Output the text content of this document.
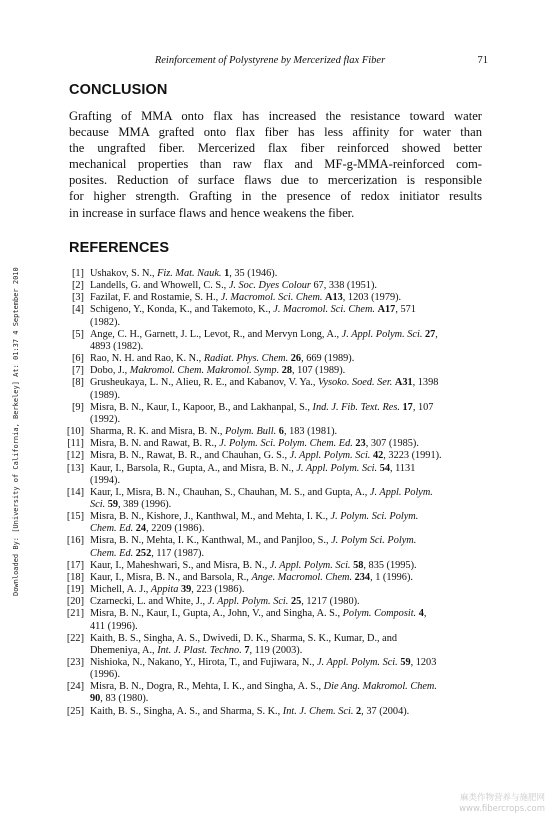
Reinforcement of Polystyrene by Mercerized flax Fiber	71
CONCLUSION
Grafting of MMA onto flax has increased the resistance toward water
because MMA grafted onto flax fiber has less affinity for water than
the ungrafted fiber. Mercerized flax fiber reinforced showed better
mechanical properties than raw flax and MF-g-MMA-reinforced com-
posites. Reduction of surface flaws due to mercerization is responsible
for higher strength. Grafting in the presence of redox initiator results
in increase in surface flaws and hence weakens the fiber.
REFERENCES
[1] Ushakov, S. N., Fiz. Mat. Nauk. 1, 35 (1946).
[2] Landells, G. and Whowell, C. S., J. Soc. Dyes Colour 67, 338 (1951).
[3] Fazilat, F. and Rostamie, S. H., J. Macromol. Sci. Chem. A13, 1203 (1979).
[4] Schigeno, Y., Konda, K., and Takemoto, K., J. Macromol. Sci. Chem. A17, 571
(1982).
[5] Ange, C. H., Garnett, J. L., Levot, R., and Mervyn Long, A., J. Appl. Polym. Sci. 27,
4893 (1982).
[6] Rao, N. H. and Rao, K. N., Radiat. Phys. Chem. 26, 669 (1989).
[7] Dobo, J., Makromol. Chem. Makromol. Symp. 28, 107 (1989).
[8] Grusheukaya, L. N., Alieu, R. E., and Kabanov, V. Ya., Vysoko. Soed. Ser. A31, 1398
(1989).
[9] Misra, B. N., Kaur, I., Kapoor, B., and Lakhanpal, S., Ind. J. Fib. Text. Res. 17, 107
(1992).
[10] Sharma, R. K. and Misra, B. N., Polym. Bull. 6, 183 (1981).
[11] Misra, B. N. and Rawat, B. R., J. Polym. Sci. Polym. Chem. Ed. 23, 307 (1985).
[12] Misra, B. N., Rawat, B. R., and Chauhan, G. S., J. Appl. Polym. Sci. 42, 3223 (1991).
[13] Kaur, I., Barsola, R., Gupta, A., and Misra, B. N., J. Appl. Polym. Sci. 54, 1131
(1994).
[14] Kaur, I., Misra, B. N., Chauhan, S., Chauhan, M. S., and Gupta, A., J. Appl. Polym.
Sci. 59, 389 (1996).
[15] Misra, B. N., Kishore, J., Kanthwal, M., and Mehta, I. K., J. Polym. Sci. Polym.
Chem. Ed. 24, 2209 (1986).
[16] Misra, B. N., Mehta, I. K., Kanthwal, M., and Panjloo, S., J. Polym Sci. Polym.
Chem. Ed. 252, 117 (1987).
[17] Kaur, I., Maheshwari, S., and Misra, B. N., J. Appl. Polym. Sci. 58, 835 (1995).
[18] Kaur, I., Misra, B. N., and Barsola, R., Ange. Macromol. Chem. 234, 1 (1996).
[19] Michell, A. J., Appita 39, 223 (1986).
[20] Czarnecki, L. and White, J., J. Appl. Polym. Sci. 25, 1217 (1980).
[21] Misra, B. N., Kaur, I., Gupta, A., John, V., and Singha, A. S., Polym. Composit. 4,
411 (1996).
[22] Kaith, B. S., Singha, A. S., Dwivedi, D. K., Sharma, S. K., Kumar, D., and
Dhemeniya, A., Int. J. Plast. Techno. 7, 119 (2003).
[23] Nishioka, N., Nakano, Y., Hirota, T., and Fujiwara, N., J. Appl. Polym. Sci. 59, 1203
(1996).
[24] Misra, B. N., Dogra, R., Mehta, I. K., and Singha, A. S., Die Ang. Makromol. Chem.
90, 83 (1980).
[25] Kaith, B. S., Singha, A. S., and Sharma, S. K., Int. J. Chem. Sci. 2, 37 (2004).
Downloaded By: [University of California, Berkeley] At: 01:37 4 September 2010
麻类作物营养与施肥网
www.fibercrops.com
